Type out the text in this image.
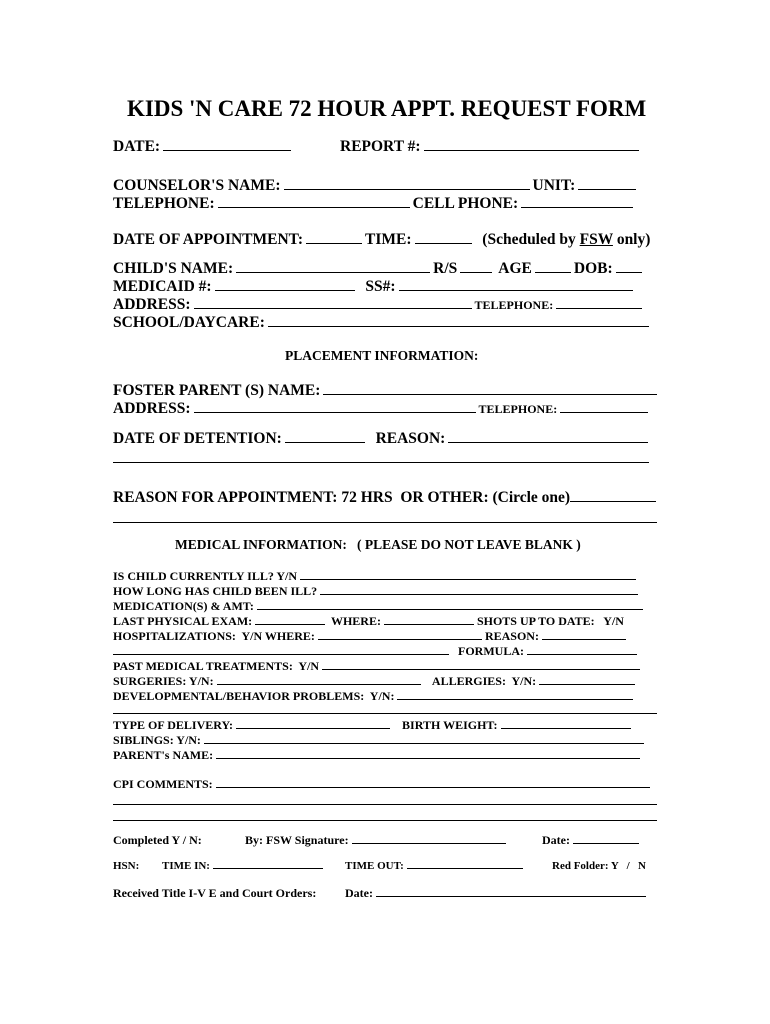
KIDS 'N CARE 72 HOUR APPT. REQUEST FORM
DATE:	REPORT #:
COUNSELOR'S NAME:	UNIT:
TELEPHONE:	CELL PHONE:
DATE OF APPOINTMENT:	TIME:	(Scheduled by FSW only)
CHILD'S NAME:	R/S	AGE	DOB:
MEDICAID #:	SS#:
ADDRESS:	TELEPHONE:
SCHOOL/DAYCARE:
PLACEMENT INFORMATION:
FOSTER PARENT (S) NAME:
ADDRESS:	TELEPHONE:
DATE OF DETENTION:	REASON:
REASON FOR APPOINTMENT: 72 HRS  OR OTHER: (Circle one)
MEDICAL INFORMATION:   ( PLEASE DO NOT LEAVE BLANK )
IS CHILD CURRENTLY ILL? Y/N
HOW LONG HAS CHILD BEEN ILL?
MEDICATION(S) & AMT:
LAST PHYSICAL EXAM:	WHERE:	SHOTS UP TO DATE:   Y/N
HOSPITALIZATIONS:  Y/N WHERE:	REASON:
FORMULA:
PAST MEDICAL TREATMENTS:  Y/N
SURGERIES: Y/N:	ALLERGIES:  Y/N:
DEVELOPMENTAL/BEHAVIOR PROBLEMS:  Y/N:
TYPE OF DELIVERY:	BIRTH WEIGHT:
SIBLINGS: Y/N:
PARENT's NAME:
CPI COMMENTS:
Completed Y / N:	By: FSW Signature:	Date:
HSN: TIME IN:	TIME OUT:	Red Folder: Y   /   N
Received Title I-V E and Court Orders: Date:
